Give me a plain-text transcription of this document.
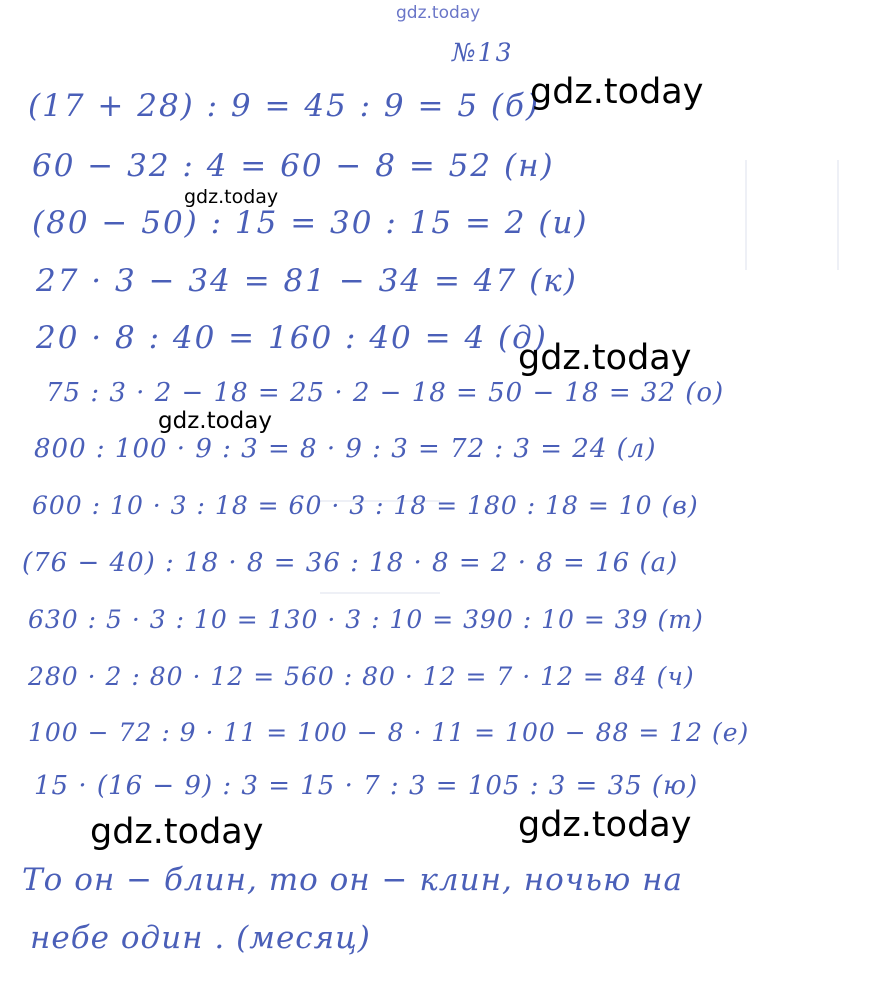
gdz.today
№13
(17 + 28) : 9 = 45 : 9 = 5 (б)
60 − 32 : 4 = 60 − 8 = 52 (н)
(80 − 50) : 15 = 30 : 15 = 2 (и)
27 · 3 − 34 = 81 − 34 = 47 (к)
20 · 8 : 40 = 160 : 40 = 4 (д)
75 : 3 · 2 − 18 = 25 · 2 − 18 = 50 − 18 = 32 (о)
800 : 100 · 9 : 3 = 8 · 9 : 3 = 72 : 3 = 24 (л)
600 : 10 · 3 : 18 = 60 · 3 : 18 = 180 : 18 = 10 (в)
(76 − 40) : 18 · 8 = 36 : 18 · 8 = 2 · 8 = 16 (а)
630 : 5 · 3 : 10 = 130 · 3 : 10 = 390 : 10 = 39 (т)
280 · 2 : 80 · 12 = 560 : 80 · 12 = 7 · 12 = 84 (ч)
100 − 72 : 9 · 11 = 100 − 8 · 11 = 100 − 88 = 12 (е)
15 · (16 − 9) : 3 = 15 · 7 : 3 = 105 : 3 = 35 (ю)
То он − блин, то он − клин, ночью на
небе один . (месяц)
gdz.today
gdz.today
gdz.today
gdz.today
gdz.today	gdz.today
